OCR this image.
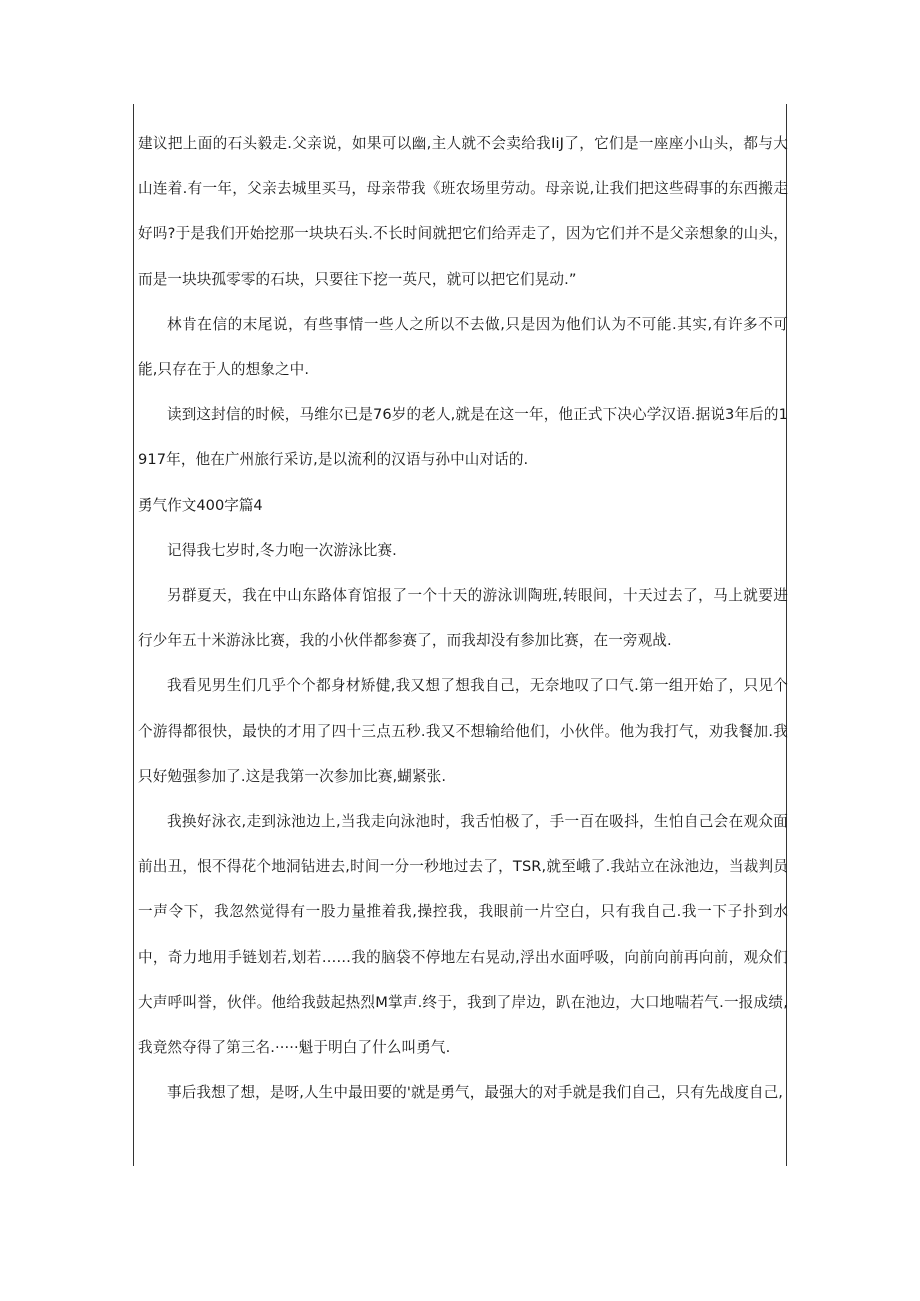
建议把上面的石头毅走.父亲说，如果可以幽,主人就不会卖给我IiJ了，它们是一座座小山头，都与大山连着.有一年，父亲去城里买马，母亲带我《班农场里劳动。母亲说,让我们把这些碍事的东西搬走好吗?于是我们开始挖那一块块石头.不长时间就把它们给弄走了，因为它们并不是父亲想象的山头，而是一块块孤零零的石块，只要往下挖一英尺，就可以把它们晃动.”

林肯在信的末尾说，有些事情一些人之所以不去做,只是因为他们认为不可能.其实,有许多不可能,只存在于人的想象之中.

读到这封信的时候，马维尔已是76岁的老人,就是在这一年，他正式下决心学汉语.据说3年后的1917年，他在广州旅行采访,是以流利的汉语与孙中山对话的.

勇气作文400字篇4

记得我七岁时,冬力咆一次游泳比赛.

另群夏天，我在中山东路体育馆报了一个十天的游泳训陶班,转眼间，十天过去了，马上就要进行少年五十米游泳比赛，我的小伙伴都参赛了，而我却没有参加比赛，在一旁观战.

我看见男生们几乎个个都身材矫健,我又想了想我自己，无奈地叹了口气.第一组开始了，只见个个游得都很快，最快的才用了四十三点五秒.我又不想输给他们，小伙伴。他为我打气，劝我餐加.我只好勉强参加了.这是我第一次参加比赛,蝴紧张.

我换好泳衣,走到泳池边上,当我走向泳池时，我舌怕极了，手一百在吸抖，生怕自己会在观众面前出丑，恨不得花个地洞钻进去,时间一分一秒地过去了，TSR,就至峨了.我站立在泳池边，当裁判员一声令下，我忽然觉得有一股力量推着我,操控我，我眼前一片空白，只有我自己.我一下子扑到水中，奇力地用手链划若,划若……我的脑袋不停地左右晃动,浮出水面呼吸，向前向前再向前，观众们大声呼叫誉，伙伴。他给我鼓起热烈M掌声.终于，我到了岸边，趴在池边，大口地喘若气.一报成绩,我竟然夺得了第三名.·····魁于明白了什么叫勇气.

事后我想了想，是呀,人生中最田要的'就是勇气，最强大的对手就是我们自己，只有先战度自己,
